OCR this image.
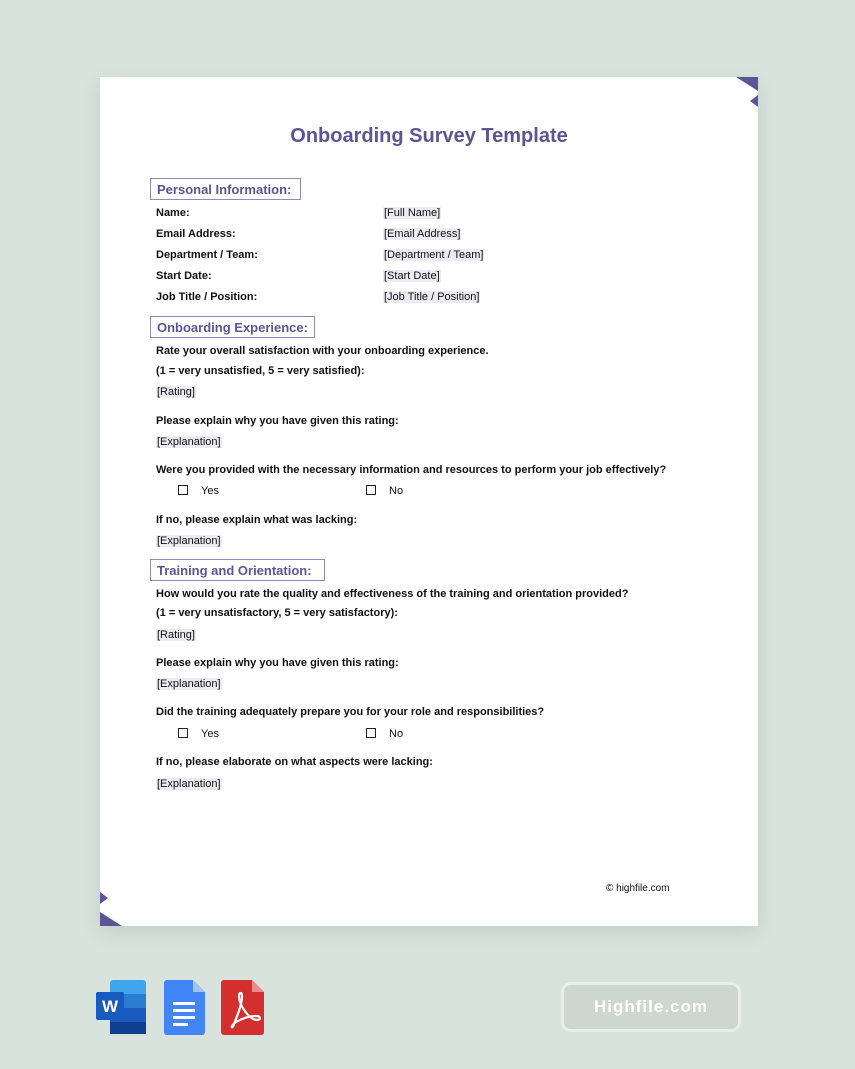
Onboarding Survey Template
Personal Information:
Name:	[Full Name]
Email Address:	[Email Address]
Department / Team:	[Department / Team]
Start Date:	[Start Date]
Job Title / Position:	[Job Title / Position]
Onboarding Experience:
Rate your overall satisfaction with your onboarding experience.
(1 = very unsatisfied, 5 = very satisfied):
[Rating]
Please explain why you have given this rating:
[Explanation]
Were you provided with the necessary information and resources to perform your job effectively?
Yes	No
If no, please explain what was lacking:
[Explanation]
Training and Orientation:
How would you rate the quality and effectiveness of the training and orientation provided?
(1 = very unsatisfactory, 5 = very satisfactory):
[Rating]
Please explain why you have given this rating:
[Explanation]
Did the training adequately prepare you for your role and responsibilities?
Yes	No
If no, please elaborate on what aspects were lacking:
[Explanation]
© highfile.com
W	Highfile.com
